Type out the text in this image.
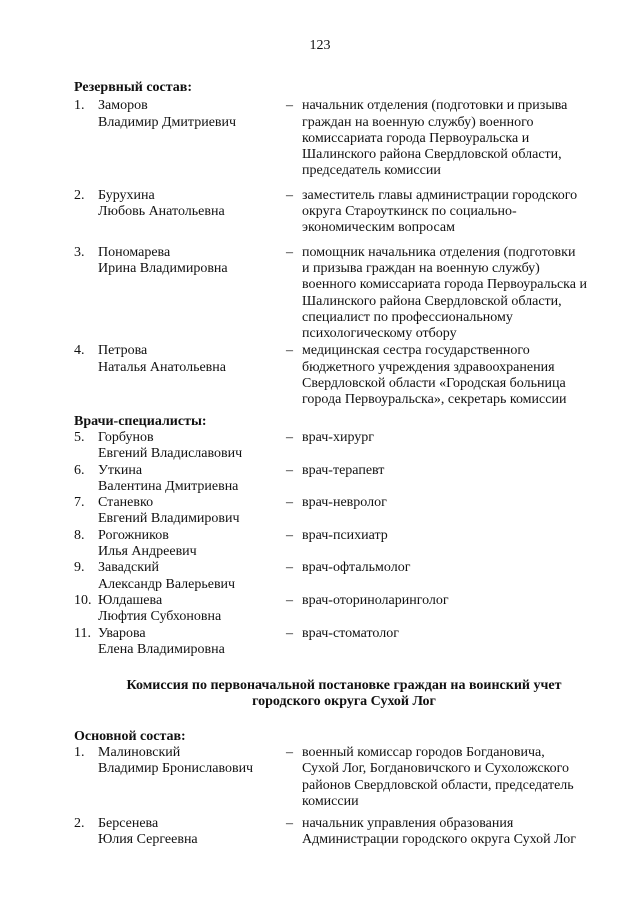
123
Резервный состав:
1. Заморов
Владимир Дмитриевич
– начальник отделения (подготовки и призыва
граждан на военную службу) военного
комиссариата города Первоуральска и
Шалинского района Свердловской области,
председатель комиссии
2. Бурухина
Любовь Анатольевна
– заместитель главы администрации городского
округа Староуткинск по социально-
экономическим вопросам
3. Пономарева
Ирина Владимировна
– помощник начальника отделения (подготовки
и призыва граждан на военную службу)
военного комиссариата города Первоуральска и
Шалинского района Свердловской области,
специалист по профессиональному
психологическому отбору
4. Петрова
Наталья Анатольевна
– медицинская сестра государственного
бюджетного учреждения здравоохранения
Свердловской области «Городская больница
города Первоуральска», секретарь комиссии
Врачи-специалисты:
5. Горбунов
Евгений Владиславович
– врач-хирург
6. Уткина
Валентина Дмитриевна
– врач-терапевт
7. Станевко
Евгений Владимирович
– врач-невролог
8. Рогожников
Илья Андреевич
– врач-психиатр
9. Завадский
Александр Валерьевич
– врач-офтальмолог
10. Юлдашева
Люфтия Субхоновна
– врач-оториноларинголог
11. Уварова
Елена Владимировна
– врач-стоматолог
Комиссия по первоначальной постановке граждан на воинский учет
городского округа Сухой Лог
Основной состав:
1. Малиновский
Владимир Брониславович
– военный комиссар городов Богдановича,
Сухой Лог, Богдановичского и Сухоложского
районов Свердловской области, председатель
комиссии
2. Берсенева
Юлия Сергеевна
– начальник управления образования
Администрации городского округа Сухой Лог
